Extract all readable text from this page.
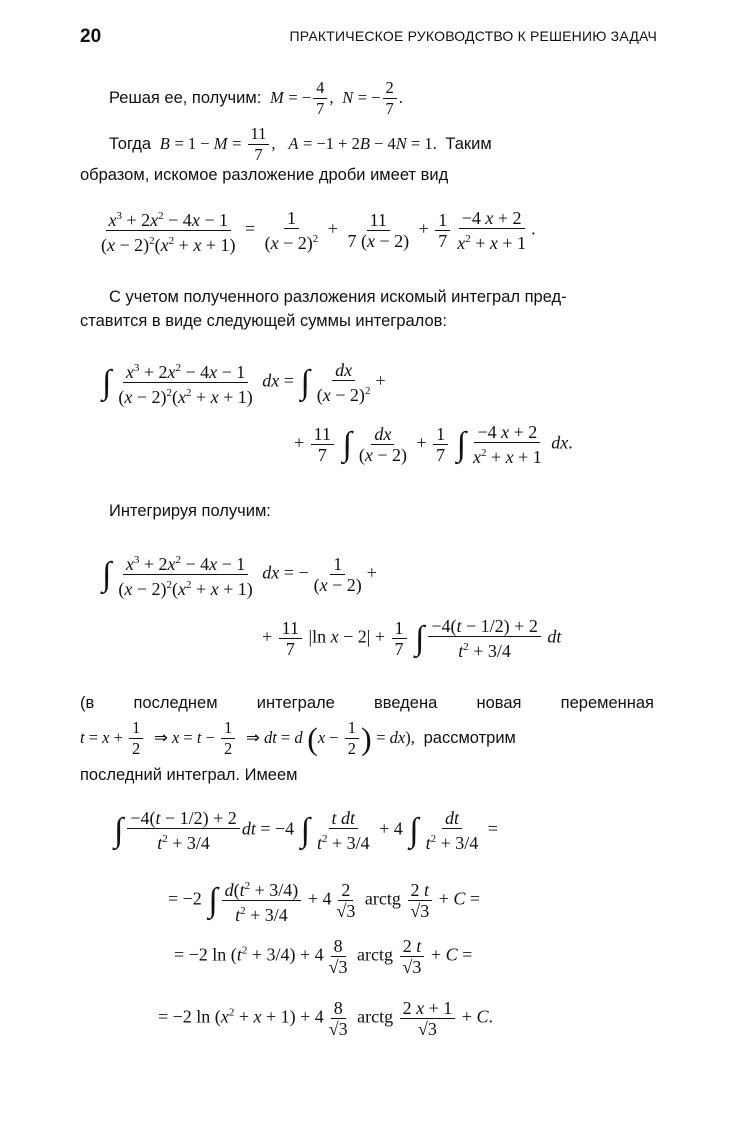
20	ПРАКТИЧЕСКОЕ РУКОВОДСТВО К РЕШЕНИЮ ЗАДАЧ
Решая ее, получим:  M = − $\frac{4}{7}$ ,  N = − $\frac{2}{7}$ .
Тогда  $B = 1 - M = \frac{11}{7}$ ,   A = −1 + 2B − 4N = 1.  Таким
образом, искомое разложение дроби имеет вид
$\frac{x^3 + 2x^2 - 4x - 1}{(x - 2)^2(x^2 + x + 1)} = \frac{1}{(x - 2)^2} + \frac{11}{7 (x - 2)} + \frac{1}{7} \frac{-4 x + 2}{x^2 + x + 1}$ .
С учетом полученного разложения искомый интеграл пред-
ставится в виде следующей суммы интегралов:
∫ $\frac{x^3 + 2x^2 - 4x - 1}{(x - 2)^2(x^2 + x + 1)}$ dx = ∫ $\frac{dx}{(x - 2)^2}$ +
+ $\frac{11}{7}$ ∫ $\frac{dx}{(x - 2)} + \frac{1}{7}$ ∫ $\frac{-4 x + 2}{x^2 + x + 1}$ dx.
Интегрируя получим:
∫ $\frac{x^3 + 2x^2 - 4x - 1}{(x - 2)^2(x^2 + x + 1)}$ dx = − $\frac{1}{(x - 2)}$ +
+ $\frac{11}{7} |\ln$ $x - 2| + \frac{1}{7}$ ∫ $\frac{-4(t - 1/2) + 2}{t^2 + 3/4}$ dt
(в последнем интеграле введена новая переменная
$t = x + \frac{1}{2}$ ⇒ $x = t - \frac{1}{2}$ ⇒ dt = d ($x - \frac{1}{2}$ ) = dx),  рассмотрим
последний интеграл. Имеем
∫ $\frac{-4(t - 1/2) + 2}{t^2 + 3/4}$ dt = −4 ∫ $\frac{\text{t dt}}{t^2 + 3/4} + 4$ ∫ $\frac{dt}{t^2 + 3/4}$ =
= −2 ∫ $\frac{d(t^2 + 3/4)}{t^2 + 3/4} + 4 \frac{2}{√3}$ arctg $\frac{2 t}{√3} + C$ =
= −2 $\ln (t^2 + 3/4) + 4 \frac{8}{√3}$ arctg $\frac{2 t}{√3} + C$ =
= −2 $\ln (x^2 + x + 1) + 4 \frac{8}{√3}$ arctg $\frac{2 x + 1}{√3} + C$.
